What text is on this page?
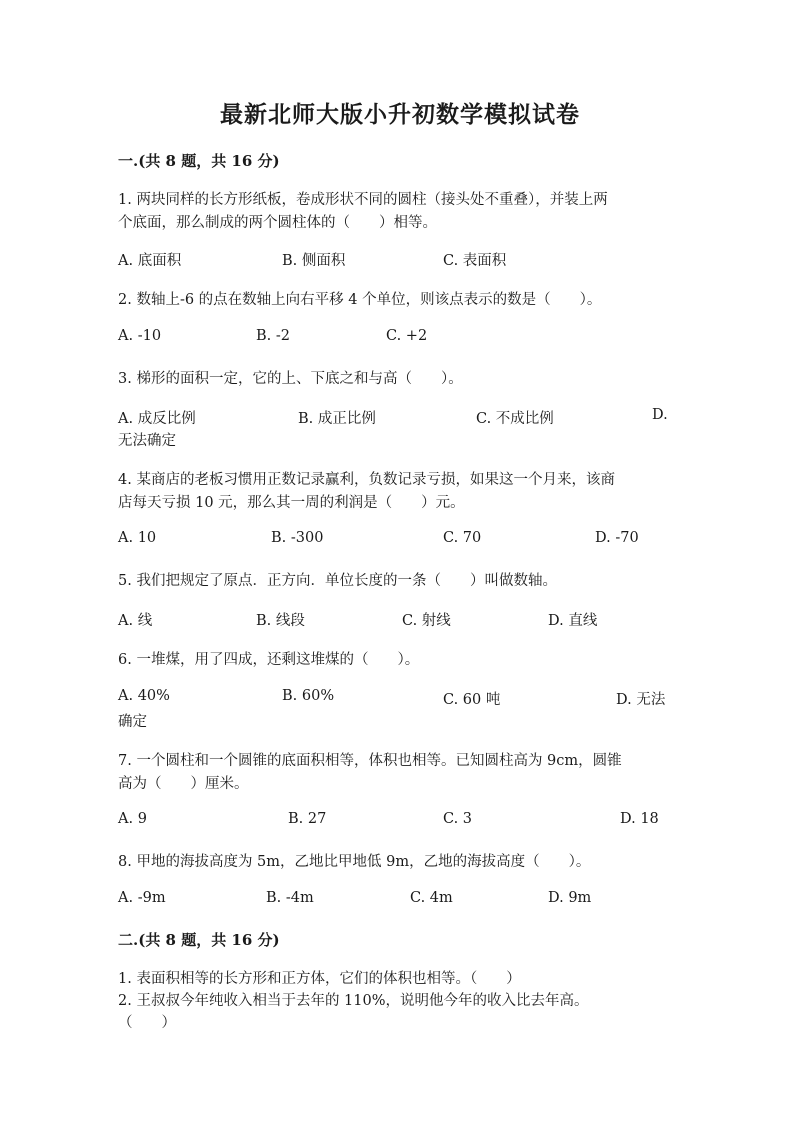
最新北师大版小升初数学模拟试卷
一.(共 8 题，共 16 分)
1. 两块同样的长方形纸板，卷成形状不同的圆柱（接头处不重叠），并装上两
个底面，那么制成的两个圆柱体的（　　）相等。
A. 底面积	B. 侧面积	C. 表面积
2. 数轴上-6 的点在数轴上向右平移 4 个单位，则该点表示的数是（　　）。
A. -10	B. -2	C. +2
3. 梯形的面积一定，它的上、下底之和与高（　　）。
A. 成反比例	B. 成正比例	C. 不成比例	D.
无法确定
4. 某商店的老板习惯用正数记录赢利，负数记录亏损，如果这一个月来，该商
店每天亏损 10 元，那么其一周的利润是（　　）元。
A. 10	B. -300	C. 70	D. -70
5. 我们把规定了原点．正方向．单位长度的一条（　　）叫做数轴。
A. 线	B. 线段	C. 射线	D. 直线
6. 一堆煤，用了四成，还剩这堆煤的（　　）。
A. 40%	B. 60%	C. 60 吨	D. 无法
确定
7. 一个圆柱和一个圆锥的底面积相等，体积也相等。已知圆柱高为 9cm，圆锥
高为（　　）厘米。
A. 9	B. 27	C. 3	D. 18
8. 甲地的海拔高度为 5m，乙地比甲地低 9m，乙地的海拔高度（　　）。
A. -9m	B. -4m	C. 4m	D. 9m
二.(共 8 题，共 16 分)
1. 表面积相等的长方形和正方体，它们的体积也相等。（　　）
2. 王叔叔今年纯收入相当于去年的 110%，说明他今年的收入比去年高。
（　　）
